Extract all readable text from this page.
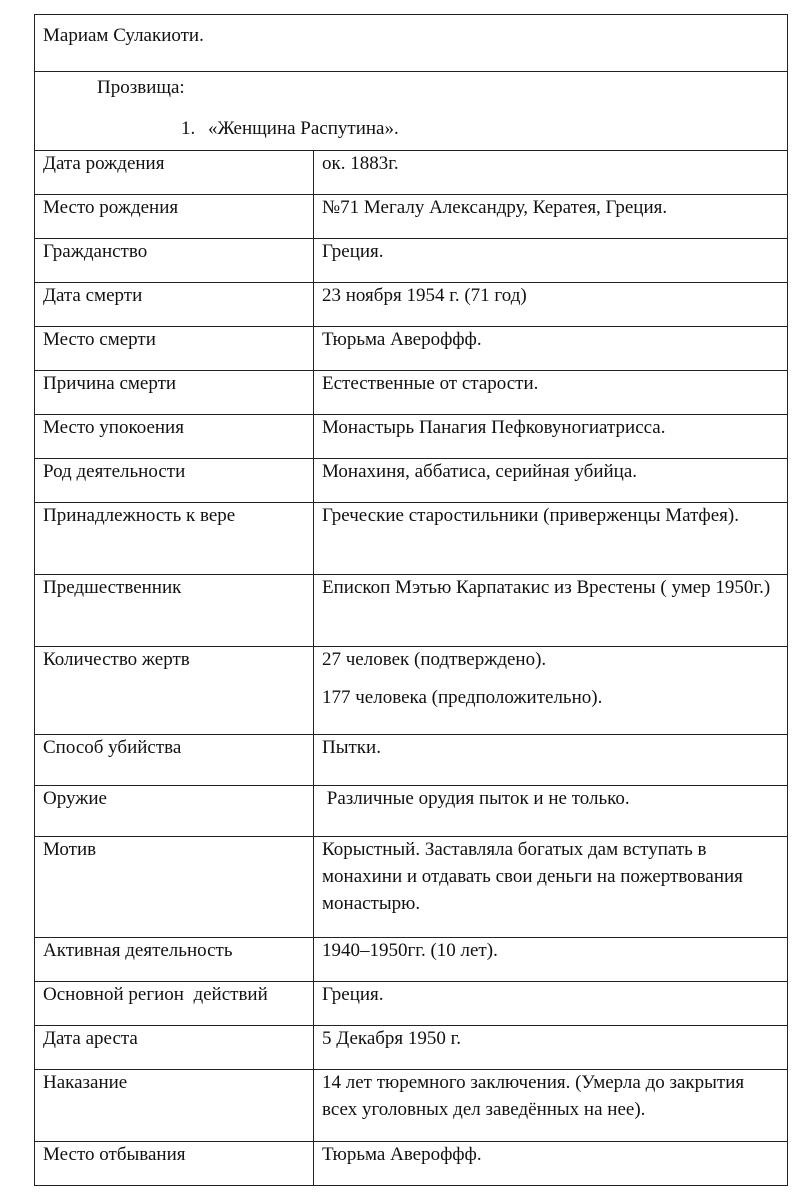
Мариам Сулакиоти.	

Прозвища:
1. «Женщина Распутина».	

Дата рождения	ок. 1883г.
Место рождения	№71 Мегалу Александру, Кератея, Греция.
Гражданство	Греция.
Дата смерти	23 ноября 1954 г. (71 год)
Место смерти	Тюрьма Авероффф.
Причина смерти	Естественные от старости.
Место упокоения	Монастырь Панагия Пефковуногиатрисса.
Род деятельности	Монахиня, аббатиса, серийная убийца.
Принадлежность к вере	Греческие старостильники (приверженцы Матфея).
Предшественник	Епископ Мэтью Карпатакис из Врестены ( умер 1950г.)
Количество жертв	27 человек (подтверждено).
177 человека (предположительно).

Способ убийства	Пытки.
Оружие	Различные орудия пыток и не только.
Мотив	Корыстный. Заставляла богатых дам вступать в монахини и отдавать свои деньги на пожертвования монастырю.
Активная деятельность	1940–1950гг. (10 лет).
Основной регион  действий	Греция.
Дата ареста	5 Декабря 1950 г.
Наказание	14 лет тюремного заключения. (Умерла до закрытия всех уголовных дел заведённых на нее).
Место отбывания	Тюрьма Авероффф.
